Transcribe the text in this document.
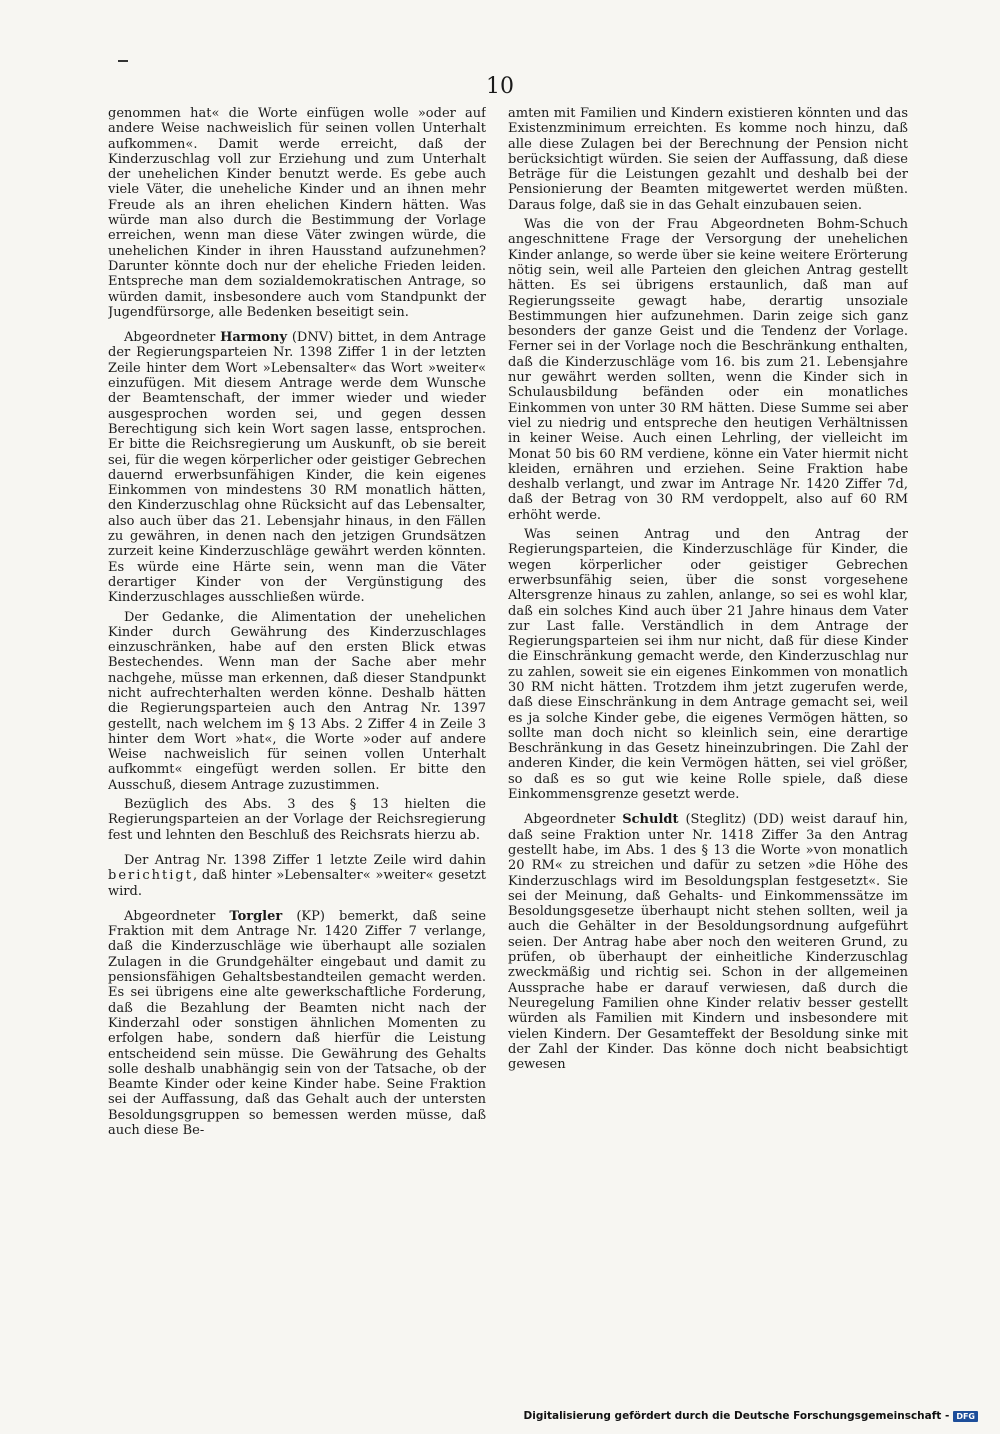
10

genommen hat« die Worte einfügen wolle »oder auf andere Weise nachweislich für seinen vollen Unterhalt aufkommen«. Damit werde erreicht, daß der Kinderzuschlag voll zur Erziehung und zum Unterhalt der unehelichen Kinder benutzt werde. Es gebe auch viele Väter, die uneheliche Kinder und an ihnen mehr Freude als an ihren ehelichen Kindern hätten. Was würde man also durch die Bestimmung der Vorlage erreichen, wenn man diese Väter zwingen würde, die unehelichen Kinder in ihren Hausstand aufzunehmen? Darunter könnte doch nur der eheliche Frieden leiden. Entspreche man dem sozialdemokratischen Antrage, so würden damit, insbesondere auch vom Standpunkt der Jugendfürsorge, alle Bedenken beseitigt sein.

Abgeordneter Harmony (DNV) bittet, in dem Antrage der Regierungsparteien Nr. 1398 Ziffer 1 in der letzten Zeile hinter dem Wort »Lebensalter« das Wort »weiter« einzufügen. Mit diesem Antrage werde dem Wunsche der Beamtenschaft, der immer wieder und wieder ausgesprochen worden sei, und gegen dessen Berechtigung sich kein Wort sagen lasse, entsprochen. Er bitte die Reichsregierung um Auskunft, ob sie bereit sei, für die wegen körperlicher oder geistiger Gebrechen dauernd erwerbsunfähigen Kinder, die kein eigenes Einkommen von mindestens 30 RM monatlich hätten, den Kinderzuschlag ohne Rücksicht auf das Lebensalter, also auch über das 21. Lebensjahr hinaus, in den Fällen zu gewähren, in denen nach den jetzigen Grundsätzen zurzeit keine Kinderzuschläge gewährt werden könnten. Es würde eine Härte sein, wenn man die Väter derartiger Kinder von der Vergünstigung des Kinderzuschlages ausschließen würde.

Der Gedanke, die Alimentation der unehelichen Kinder durch Gewährung des Kinderzuschlages einzuschränken, habe auf den ersten Blick etwas Bestechendes. Wenn man der Sache aber mehr nachgehe, müsse man erkennen, daß dieser Standpunkt nicht aufrechterhalten werden könne. Deshalb hätten die Regierungsparteien auch den Antrag Nr. 1397 gestellt, nach welchem im § 13 Abs. 2 Ziffer 4 in Zeile 3 hinter dem Wort »hat«, die Worte »oder auf andere Weise nachweislich für seinen vollen Unterhalt aufkommt« eingefügt werden sollen. Er bitte den Ausschuß, diesem Antrage zuzustimmen.

Bezüglich des Abs. 3 des § 13 hielten die Regierungsparteien an der Vorlage der Reichsregierung fest und lehnten den Beschluß des Reichsrats hierzu ab.

Der Antrag Nr. 1398 Ziffer 1 letzte Zeile wird dahin berichtigt, daß hinter »Lebensalter« »weiter« gesetzt wird.

Abgeordneter Torgler (KP) bemerkt, daß seine Fraktion mit dem Antrage Nr. 1420 Ziffer 7 verlange, daß die Kinderzuschläge wie überhaupt alle sozialen Zulagen in die Grundgehälter eingebaut und damit zu pensionsfähigen Gehaltsbestandteilen gemacht werden. Es sei übrigens eine alte gewerkschaftliche Forderung, daß die Bezahlung der Beamten nicht nach der Kinderzahl oder sonstigen ähnlichen Momenten zu erfolgen habe, sondern daß hierfür die Leistung entscheidend sein müsse. Die Gewährung des Gehalts solle deshalb unabhängig sein von der Tatsache, ob der Beamte Kinder oder keine Kinder habe. Seine Fraktion sei der Auffassung, daß das Gehalt auch der untersten Besoldungsgruppen so bemessen werden müsse, daß auch diese Be-

amten mit Familien und Kindern existieren könnten und das Existenzminimum erreichten. Es komme noch hinzu, daß alle diese Zulagen bei der Berechnung der Pension nicht berücksichtigt würden. Sie seien der Auffassung, daß diese Beträge für die Leistungen gezahlt und deshalb bei der Pensionierung der Beamten mitgewertet werden müßten. Daraus folge, daß sie in das Gehalt einzubauen seien.

Was die von der Frau Abgeordneten Bohm-Schuch angeschnittene Frage der Versorgung der unehelichen Kinder anlange, so werde über sie keine weitere Erörterung nötig sein, weil alle Parteien den gleichen Antrag gestellt hätten. Es sei übrigens erstaunlich, daß man auf Regierungsseite gewagt habe, derartig unsoziale Bestimmungen hier aufzunehmen. Darin zeige sich ganz besonders der ganze Geist und die Tendenz der Vorlage. Ferner sei in der Vorlage noch die Beschränkung enthalten, daß die Kinderzuschläge vom 16. bis zum 21. Lebensjahre nur gewährt werden sollten, wenn die Kinder sich in Schulausbildung befänden oder ein monatliches Einkommen von unter 30 RM hätten. Diese Summe sei aber viel zu niedrig und entspreche den heutigen Verhältnissen in keiner Weise. Auch einen Lehrling, der vielleicht im Monat 50 bis 60 RM verdiene, könne ein Vater hiermit nicht kleiden, ernähren und erziehen. Seine Fraktion habe deshalb verlangt, und zwar im Antrage Nr. 1420 Ziffer 7d, daß der Betrag von 30 RM verdoppelt, also auf 60 RM erhöht werde.

Was seinen Antrag und den Antrag der Regierungsparteien, die Kinderzuschläge für Kinder, die wegen körperlicher oder geistiger Gebrechen erwerbsunfähig seien, über die sonst vorgesehene Altersgrenze hinaus zu zahlen, anlange, so sei es wohl klar, daß ein solches Kind auch über 21 Jahre hinaus dem Vater zur Last falle. Verständlich in dem Antrage der Regierungsparteien sei ihm nur nicht, daß für diese Kinder die Einschränkung gemacht werde, den Kinderzuschlag nur zu zahlen, soweit sie ein eigenes Einkommen von monatlich 30 RM nicht hätten. Trotzdem ihm jetzt zugerufen werde, daß diese Einschränkung in dem Antrage gemacht sei, weil es ja solche Kinder gebe, die eigenes Vermögen hätten, so sollte man doch nicht so kleinlich sein, eine derartige Beschränkung in das Gesetz hineinzubringen. Die Zahl der anderen Kinder, die kein Vermögen hätten, sei viel größer, so daß es so gut wie keine Rolle spiele, daß diese Einkommensgrenze gesetzt werde.

Abgeordneter Schuldt (Steglitz) (DD) weist darauf hin, daß seine Fraktion unter Nr. 1418 Ziffer 3a den Antrag gestellt habe, im Abs. 1 des § 13 die Worte »von monatlich 20 RM« zu streichen und dafür zu setzen »die Höhe des Kinderzuschlags wird im Besoldungsplan festgesetzt«. Sie sei der Meinung, daß Gehalts- und Einkommenssätze im Besoldungsgesetze überhaupt nicht stehen sollten, weil ja auch die Gehälter in der Besoldungsordnung aufgeführt seien. Der Antrag habe aber noch den weiteren Grund, zu prüfen, ob überhaupt der einheitliche Kinderzuschlag zweckmäßig und richtig sei. Schon in der allgemeinen Aussprache habe er darauf verwiesen, daß durch die Neuregelung Familien ohne Kinder relativ besser gestellt würden als Familien mit Kindern und insbesondere mit vielen Kindern. Der Gesamteffekt der Besoldung sinke mit der Zahl der Kinder. Das könne doch nicht beabsichtigt gewesen

Digitalisierung gefördert durch die Deutsche Forschungsgemeinschaft - DFG
